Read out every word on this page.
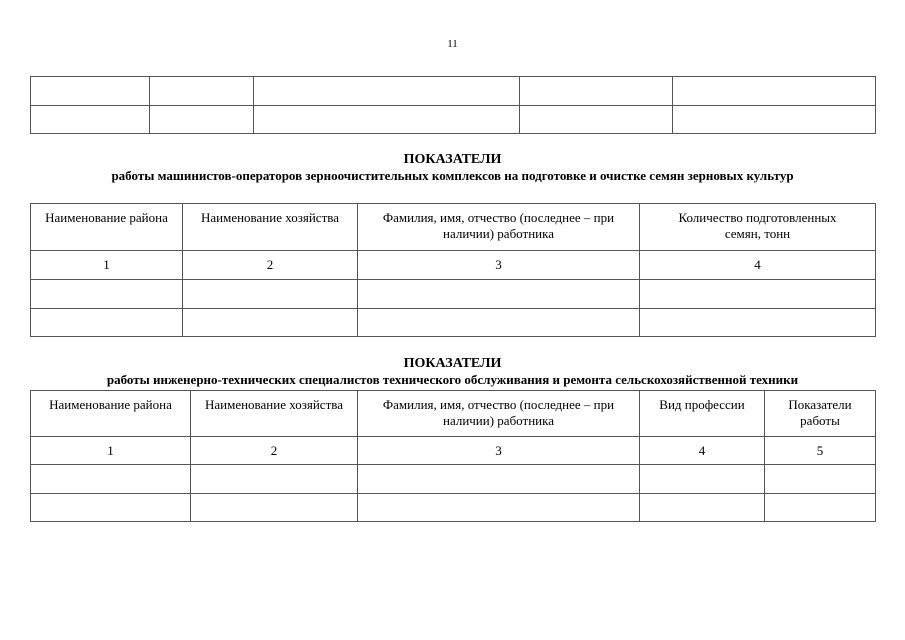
11

ПОКАЗАТЕЛИ
работы машинистов-операторов зерноочистительных комплексов на подготовке и очистке семян зерновых культур
Наименование района	Наименование хозяйства	Фамилия, имя, отчество (последнее – при наличии) работника	Количество подготовленных семян, тонн
1	2	3	4

ПОКАЗАТЕЛИ
работы инженерно-технических специалистов технического обслуживания и ремонта сельскохозяйственной техники
Наименование района	Наименование хозяйства	Фамилия, имя, отчество (последнее – при наличии) работника	Вид профессии	Показатели работы
1	2	3	4	5
